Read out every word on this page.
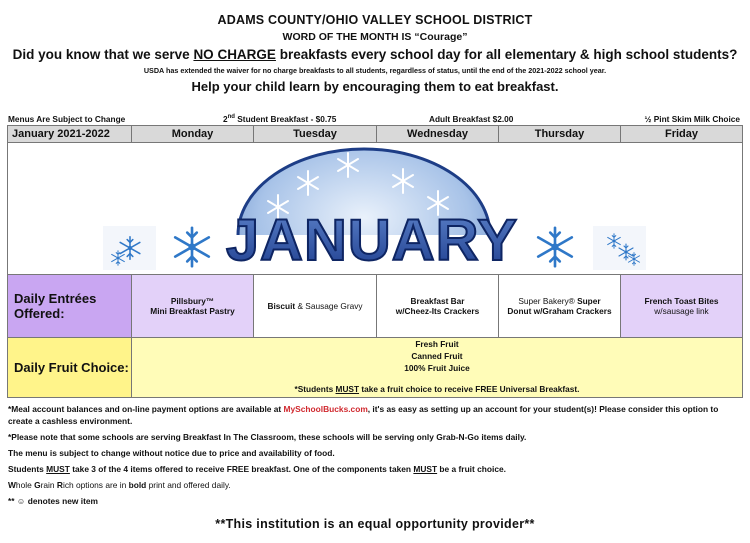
ADAMS COUNTY/OHIO VALLEY SCHOOL DISTRICT
WORD OF THE MONTH IS “Courage”
Did you know that we serve NO CHARGE breakfasts every school day for all elementary & high school students?
USDA has extended the waiver for no charge breakfasts to all students, regardless of status, until the end of the 2021-2022 school year.
Help your child learn by encouraging them to eat breakfast.
Menus Are Subject to Change	2nd Student Breakfast - $0.75	Adult Breakfast $2.00	½ Pint Skim Milk Choice
January 2021-2022	Monday	Tuesday	Wednesday	Thursday	Friday

JANUARY					

Daily Entrées Offered:	Pillsbury™
Mini Breakfast Pastry	Biscuit & Sausage Gravy	Breakfast Bar
w/Cheez-Its Crackers	Super Bakery® Super
Donut w/Graham Crackers	French Toast Bites
w/sausage link
Daily Fruit Choice:	Fresh Fruit
Canned Fruit
100% Fruit Juice
*Students MUST take a fruit choice to receive FREE Universal Breakfast.				

*Meal account balances and on-line payment options are available at MySchoolBucks.com, it's as easy as setting up an account for your student(s)! Please consider this option to create a cashless environment.

*Please note that some schools are serving Breakfast In The Classroom, these schools will be serving only Grab-N-Go items daily.

The menu is subject to change without notice due to price and availability of food.

Students MUST take 3 of the 4 items offered to receive FREE breakfast. One of the components taken MUST be a fruit choice.

Whole Grain Rich options are in bold print and offered daily.

** ☺ denotes new item

**This institution is an equal opportunity provider**
